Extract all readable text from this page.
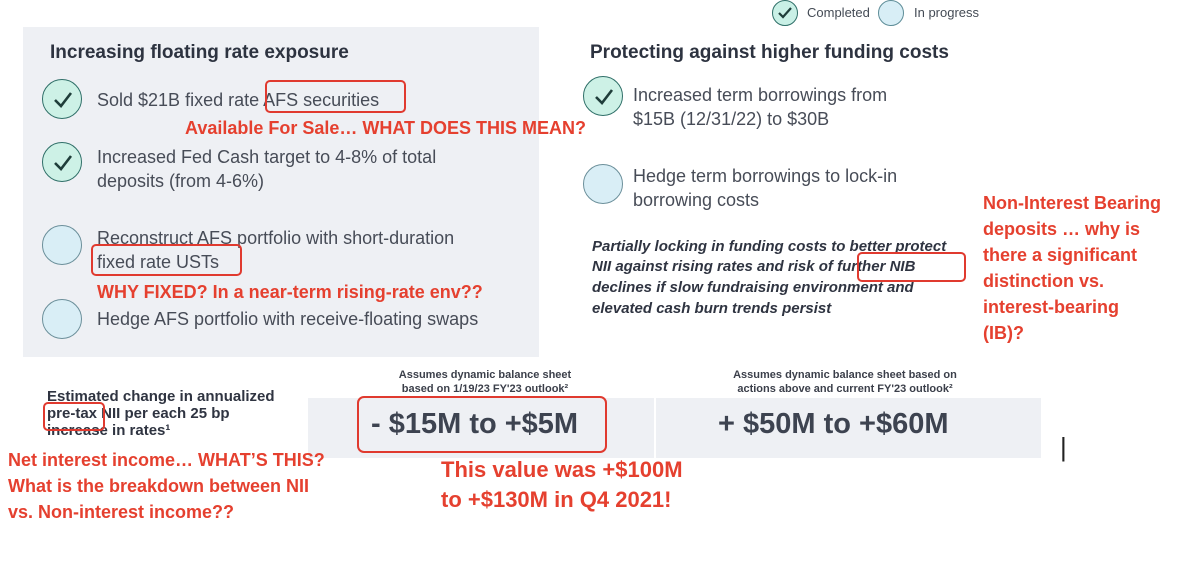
Completed	In progress
Increasing floating rate exposure
Sold $21B fixed rate AFS securities
Available For Sale… WHAT DOES THIS MEAN?
Increased Fed Cash target to 4-8% of total
deposits (from 4-6%)
Reconstruct AFS portfolio with short-duration
fixed rate USTs
WHY FIXED? In a near-term rising-rate env??
Hedge AFS portfolio with receive-floating swaps
Protecting against higher funding costs
Increased term borrowings from
$15B (12/31/22) to $30B
Hedge term borrowings to lock-in
borrowing costs
Partially locking in funding costs to better protect
NII against rising rates and risk of further NIB
declines if slow fundraising environment and
elevated cash burn trends persist
Non-Interest Bearing
deposits … why is
there a significant
distinction vs.
interest-bearing
(IB)?
Estimated change in annualized
pre-tax NII per each 25 bp
increase in rates¹
Assumes dynamic balance sheet
based on 1/19/23 FY'23 outlook²
Assumes dynamic balance sheet based on
actions above and current FY'23 outlook²
- $15M to +$5M	+ $50M to +$60M
|
Net interest income… WHAT’S THIS?
What is the breakdown between NII
vs. Non-interest income??
This value was +$100M
to +$130M in Q4 2021!
